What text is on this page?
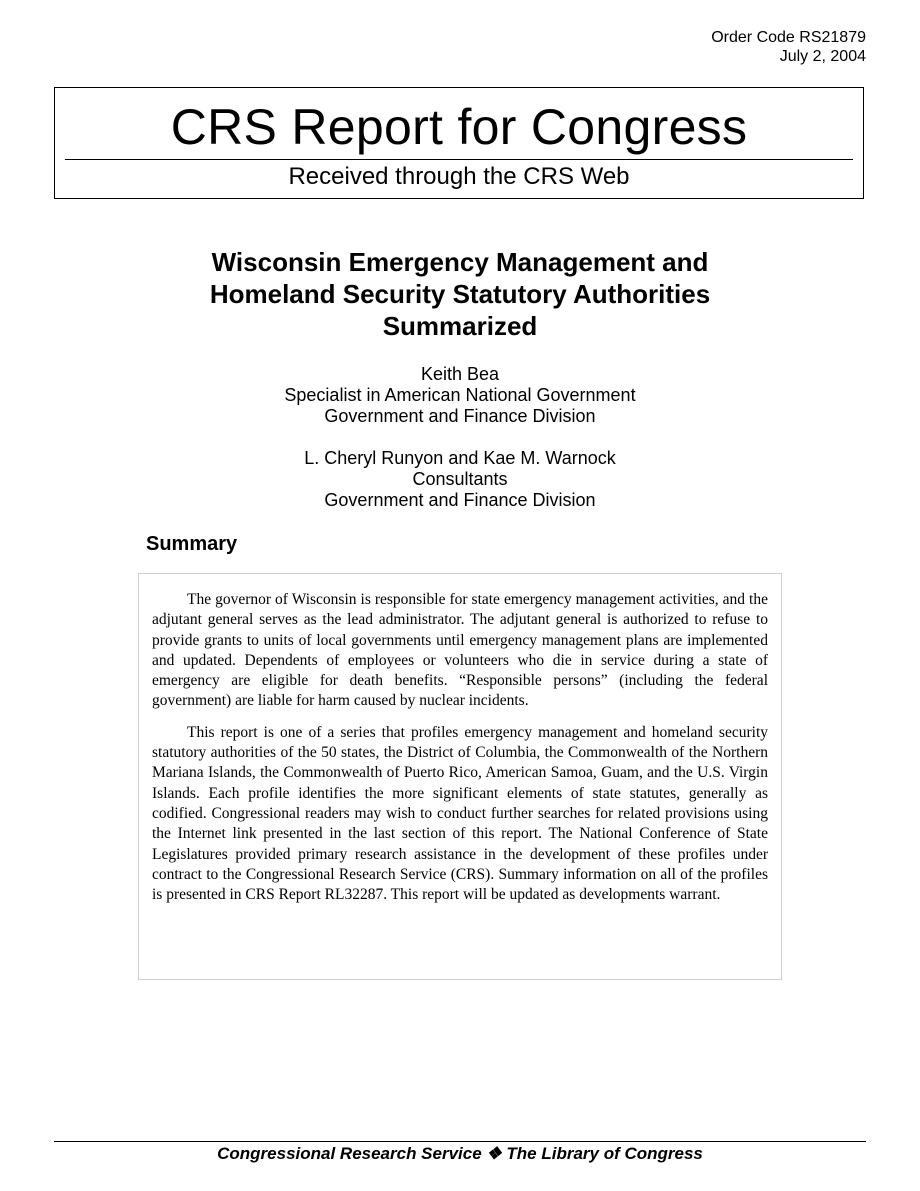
Order Code RS21879
July 2, 2004
CRS Report for Congress
Received through the CRS Web
Wisconsin Emergency Management and
Homeland Security Statutory Authorities
Summarized
Keith Bea
Specialist in American National Government
Government and Finance Division
L. Cheryl Runyon and Kae M. Warnock
Consultants
Government and Finance Division
Summary

The governor of Wisconsin is responsible for state emergency management activities, and the adjutant general serves as the lead administrator. The adjutant general is authorized to refuse to provide grants to units of local governments until emergency management plans are implemented and updated. Dependents of employees or volunteers who die in service during a state of emergency are eligible for death benefits. “Responsible persons” (including the federal government) are liable for harm caused by nuclear incidents.

This report is one of a series that profiles emergency management and homeland security statutory authorities of the 50 states, the District of Columbia, the Commonwealth of the Northern Mariana Islands, the Commonwealth of Puerto Rico, American Samoa, Guam, and the U.S. Virgin Islands. Each profile identifies the more significant elements of state statutes, generally as codified. Congressional readers may wish to conduct further searches for related provisions using the Internet link presented in the last section of this report. The National Conference of State Legislatures provided primary research assistance in the development of these profiles under contract to the Congressional Research Service (CRS). Summary information on all of the profiles is presented in CRS Report RL32287. This report will be updated as developments warrant.

Congressional Research Service ❖ The Library of Congress
